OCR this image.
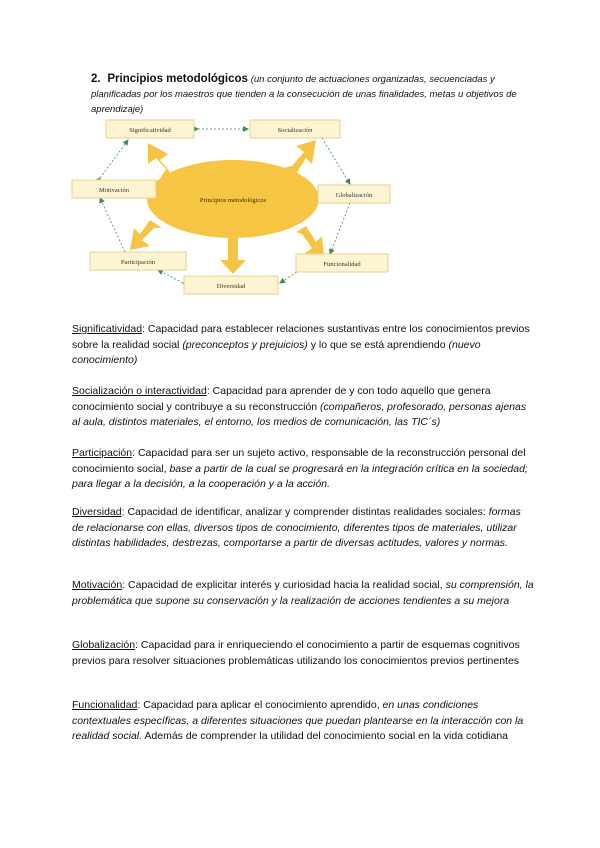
2. Principios metodológicos (un conjunto de actuaciones organizadas, secuenciadas y planificadas por los maestros que tienden a la consecución de unas finalidades, metas u objetivos de aprendizaje)
Principios metodológicos
Significatividad	Socialización
Motivación
Globalización
Participación	Funcionalidad
Diversidad

Significatividad: Capacidad para establecer relaciones sustantivas entre los conocimientos previos sobre la realidad social (preconceptos y prejuicios) y lo que se está aprendiendo (nuevo conocimiento)

Socialización o interactividad: Capacidad para aprender de y con todo aquello que genera conocimiento social y contribuye a su reconstrucción (compañeros, profesorado, personas ajenas al aula, distintos materiales, el entorno, los medios de comunicación, las TIC´s)

Participación: Capacidad para ser un sujeto activo, responsable de la reconstrucción personal del conocimiento social, base a partir de la cual se progresará en la integración crítica en la sociedad; para llegar a la decisión, a la cooperación y a la acción.

Diversidad: Capacidad de identificar, analizar y comprender distintas realidades sociales: formas de relacionarse con ellas, diversos tipos de conocimiento, diferentes tipos de materiales, utilizar distintas habilidades, destrezas, comportarse a partir de diversas actitudes, valores y normas.

Motivación: Capacidad de explicitar interés y curiosidad hacia la realidad social, su comprensión, la problemática que supone su conservación y la realización de acciones tendientes a su mejora

Globalización: Capacidad para ir enriqueciendo el conocimiento a partir de esquemas cognitivos previos para resolver situaciones problemáticas utilizando los conocimientos previos pertinentes

Funcionalidad: Capacidad para aplicar el conocimiento aprendido, en unas condiciones contextuales específicas, a diferentes situaciones que puedan plantearse en la interacción con la realidad social. Además de comprender la utilidad del conocimiento social en la vida cotidiana
